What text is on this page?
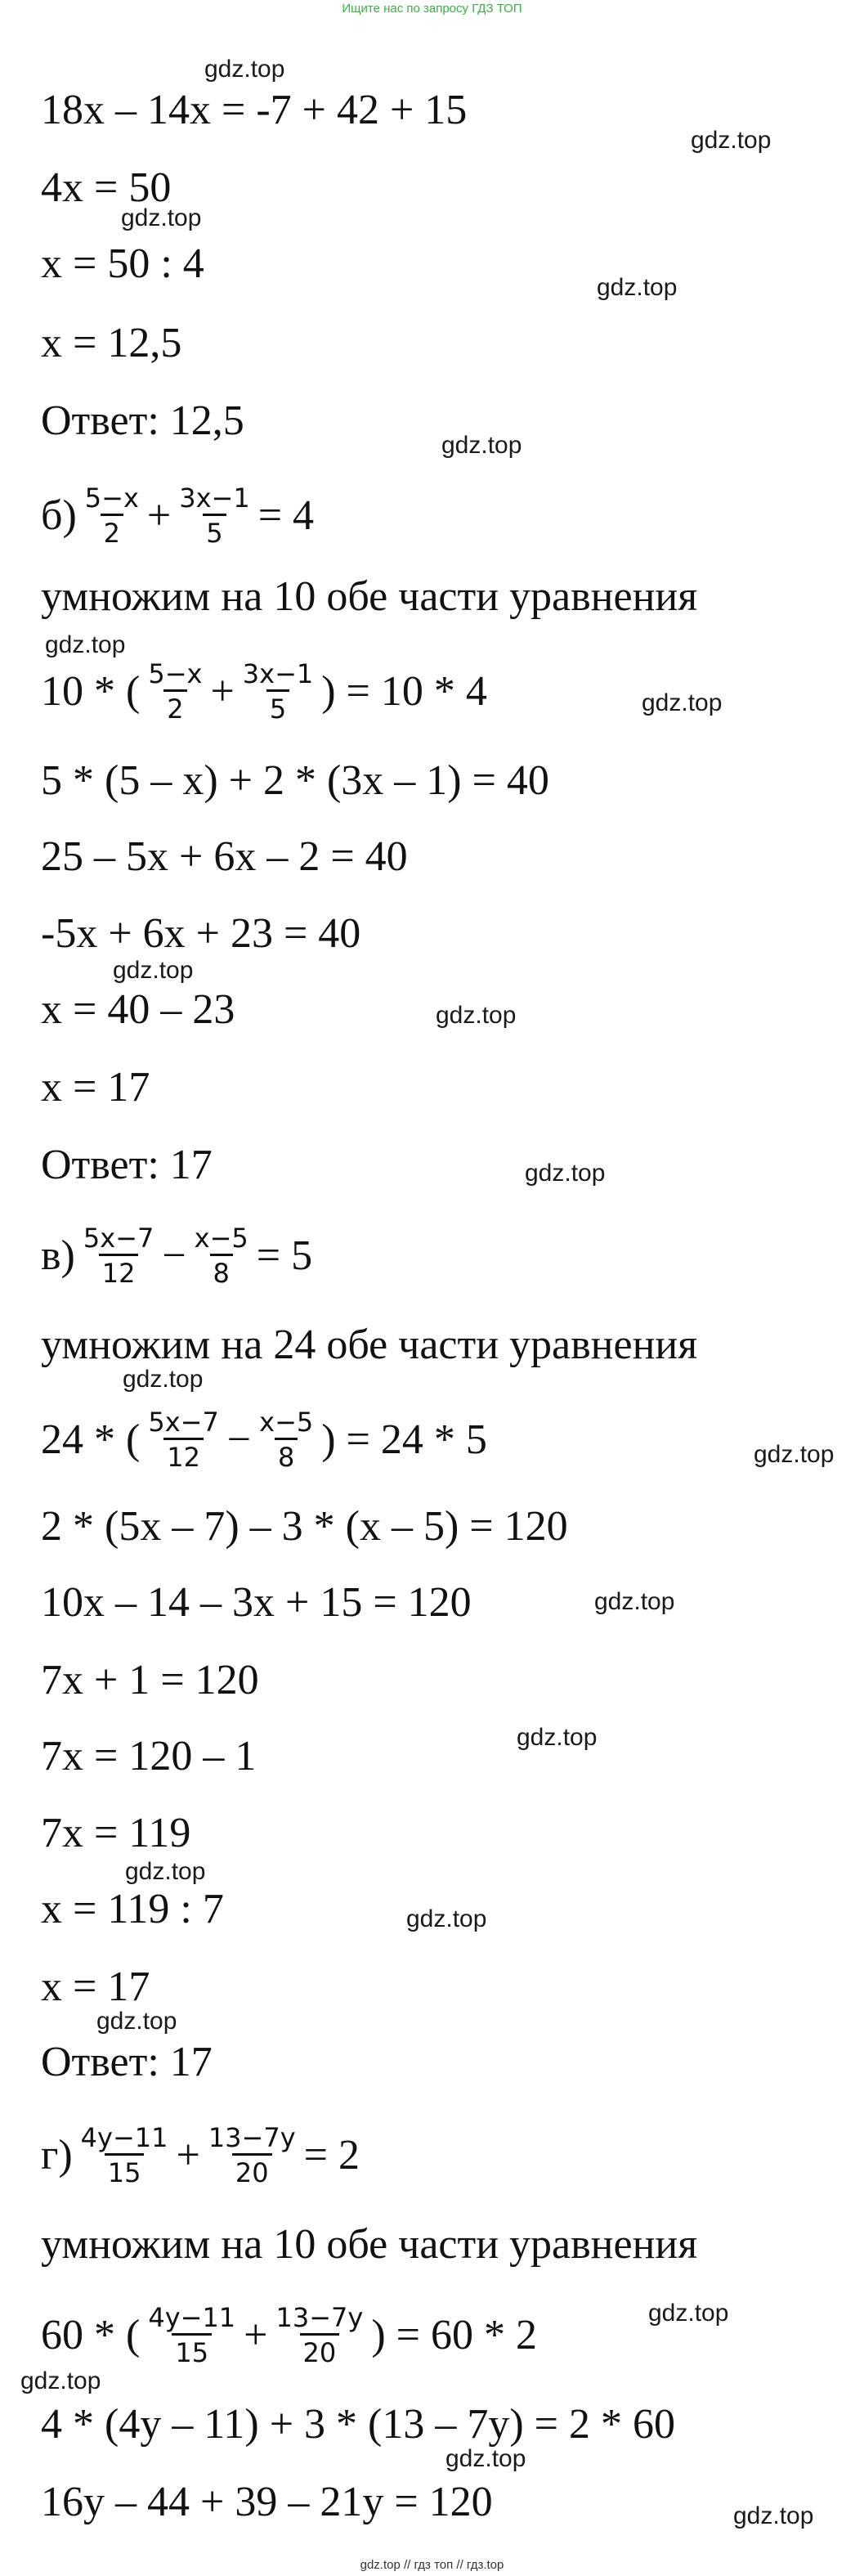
Ищите нас по запросу ГДЗ ТОП
18x – 14x = -7 + 42 + 15
4x = 50
x = 50 : 4
x = 12,5
Ответ: 12,5
$б) \frac{5-x}{2} + \frac{3x-1}{5} = 4$
умножим на 10 обе части уравнения
10 * ( $\frac{5-x}{2} + \frac{3x-1}{5}$ ) = 10 * 4
5 * (5 – x) + 2 * (3x – 1) = 40
25 – 5x + 6x – 2 = 40
-5x + 6x + 23 = 40
x = 40 – 23
x = 17
Ответ: 17
$в) \frac{5x-7}{12} - \frac{x-5}{8} = 5$
умножим на 24 обе части уравнения
24 * ( $\frac{5x-7}{12} - \frac{x-5}{8}$ ) = 24 * 5
2 * (5x – 7) – 3 * (x – 5) = 120
10x – 14 – 3x + 15 = 120
7x + 1 = 120
7x = 120 – 1
7x = 119
x = 119 : 7
x = 17
Ответ: 17
$г) \frac{4y-11}{15} + \frac{13-7y}{20} = 2$
умножим на 10 обе части уравнения
60 * ( $\frac{4y-11}{15} + \frac{13-7y}{20}$ ) = 60 * 2
4 * (4y – 11) + 3 * (13 – 7y) = 2 * 60
16y – 44 + 39 – 21y = 120
gdz.top
gdz.top
gdz.top
gdz.top
gdz.top
gdz.top
gdz.top
gdz.top
gdz.top
gdz.top
gdz.top
gdz.top
gdz.top
gdz.top
gdz.top
gdz.top
gdz.top
gdz.top
gdz.top
gdz.top
gdz.top
gdz.top // гдз топ // гдз.top
